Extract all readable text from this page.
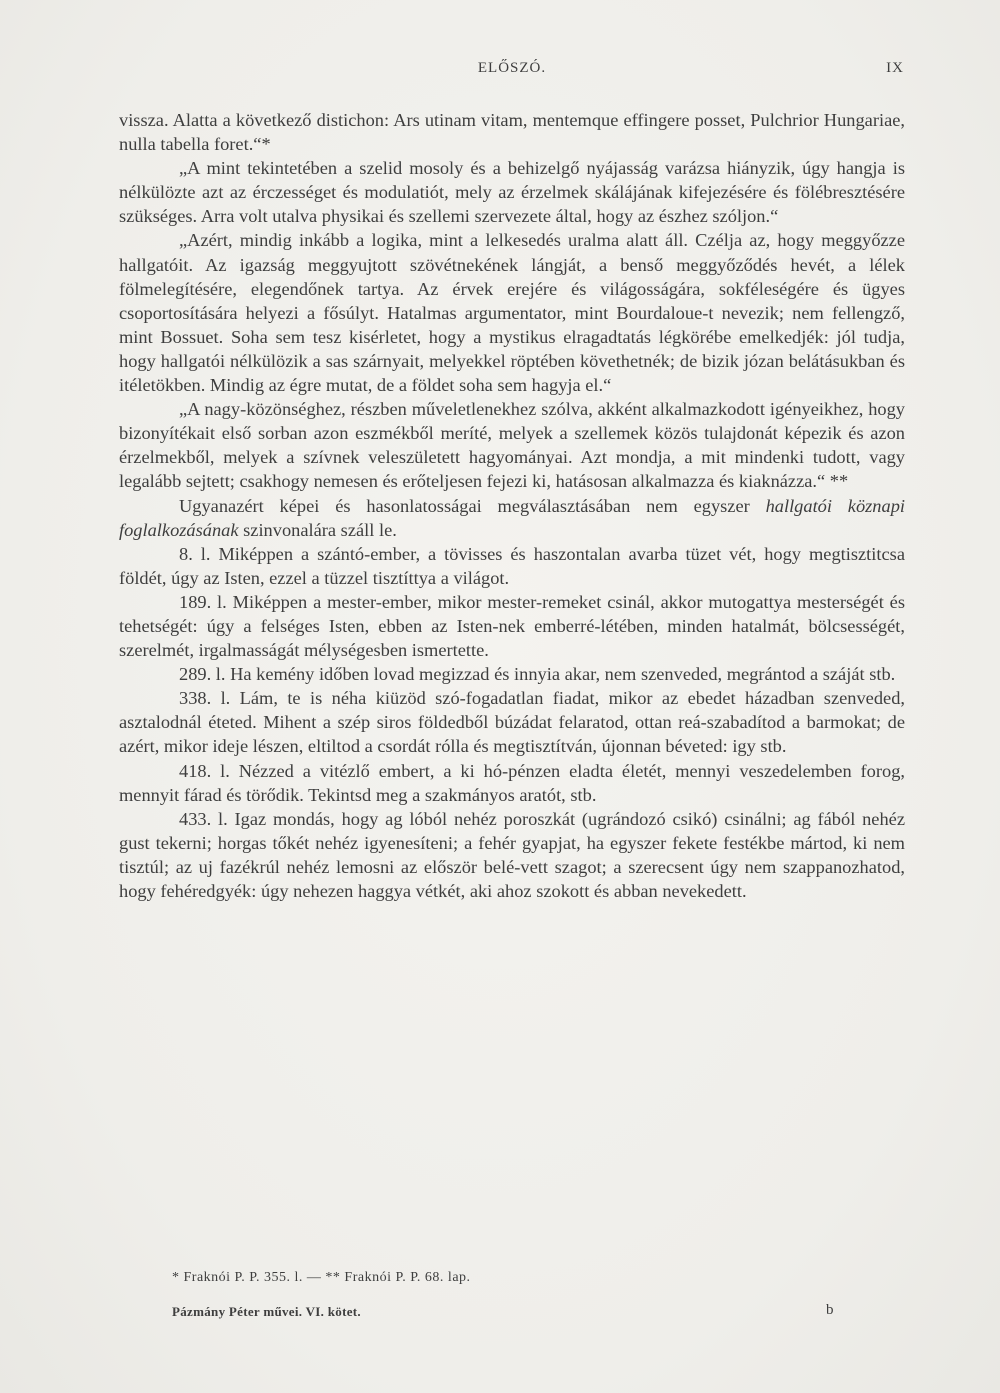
ELŐSZÓ.	IX

vissza. Alatta a következő distichon: Ars utinam vitam, mentemque effingere posset, Pulchrior Hungariae, nulla tabella foret.“*

„A mint tekintetében a szelid mosoly és a behizelgő nyájasság varázsa hiányzik, úgy hangja is nélkülözte azt az érczességet és modulatiót, mely az érzelmek skálájának kifejezésére és fölébresztésére szükséges. Arra volt utalva physikai és szellemi szervezete által, hogy az észhez szóljon.“

„Azért, mindig inkább a logika, mint a lelkesedés uralma alatt áll. Czélja az, hogy meggyőzze hallgatóit. Az igazság meggyujtott szövétnekének lángját, a benső meggyőződés hevét, a lélek fölmelegítésére, elegendőnek tartya. Az érvek erejére és világosságára, sokféleségére és ügyes csoportosítására helyezi a fősúlyt. Hatalmas argumentator, mint Bourdaloue-t nevezik; nem fellengző, mint Bossuet. Soha sem tesz kisérletet, hogy a mystikus elragadtatás légkörébe emelkedjék: jól tudja, hogy hallgatói nélkülözik a sas szárnyait, melyekkel röptében követhetnék; de bizik józan belátásukban és itéletökben. Mindig az égre mutat, de a földet soha sem hagyja el.“

„A nagy-közönséghez, részben műveletlenekhez szólva, akként alkalmazkodott igényeikhez, hogy bizonyítékait első sorban azon eszmékből meríté, melyek a szellemek közös tulajdonát képezik és azon érzelmekből, melyek a szívnek veleszületett hagyományai. Azt mondja, a mit mindenki tudott, vagy legalább sejtett; csakhogy nemesen és erőteljesen fejezi ki, hatásosan alkalmazza és kiaknázza.“ **

Ugyanazért képei és hasonlatosságai megválasztásában nem egyszer hallgatói köznapi foglalkozásának szinvonalára száll le.

8. l. Miképpen a szántó-ember, a tövisses és haszontalan avarba tüzet vét, hogy megtisztitcsa földét, úgy az Isten, ezzel a tüzzel tisztíttya a világot.

189. l. Miképpen a mester-ember, mikor mester-remeket csinál, akkor mutogattya mesterségét és tehetségét: úgy a felséges Isten, ebben az Isten-nek emberré-létében, minden hatalmát, bölcsességét, szerelmét, irgalmasságát mélységesben ismertette.

289. l. Ha kemény időben lovad megizzad és innyia akar, nem szenveded, megrántod a száját stb.

338. l. Lám, te is néha kiüzöd szó-fogadatlan fiadat, mikor az ebedet házadban szenveded, asztalodnál éteted. Mihent a szép siros földedből búzádat felaratod, ottan reá-szabadítod a barmokat; de azért, mikor ideje lészen, eltiltod a csordát rólla és megtisztítván, újonnan béveted: igy stb.

418. l. Nézzed a vitézlő embert, a ki hó-pénzen eladta életét, mennyi veszedelemben forog, mennyit fárad és törődik. Tekintsd meg a szakmányos aratót, stb.

433. l. Igaz mondás, hogy ag lóból nehéz poroszkát (ugrándozó csikó) csinálni; ag fából nehéz gust tekerni; horgas tőkét nehéz igyenesíteni; a fehér gyapjat, ha egyszer fekete festékbe mártod, ki nem tisztúl; az uj fazékrúl nehéz lemosni az először belé-vett szagot; a szerecsent úgy nem szappanozhatod, hogy fehéredgyék: úgy nehezen haggya vétkét, aki ahoz szokott és abban nevekedett.

* Fraknói P. P. 355. l. — ** Fraknói P. P. 68. lap.
Pázmány Péter művei. VI. kötet.	b
